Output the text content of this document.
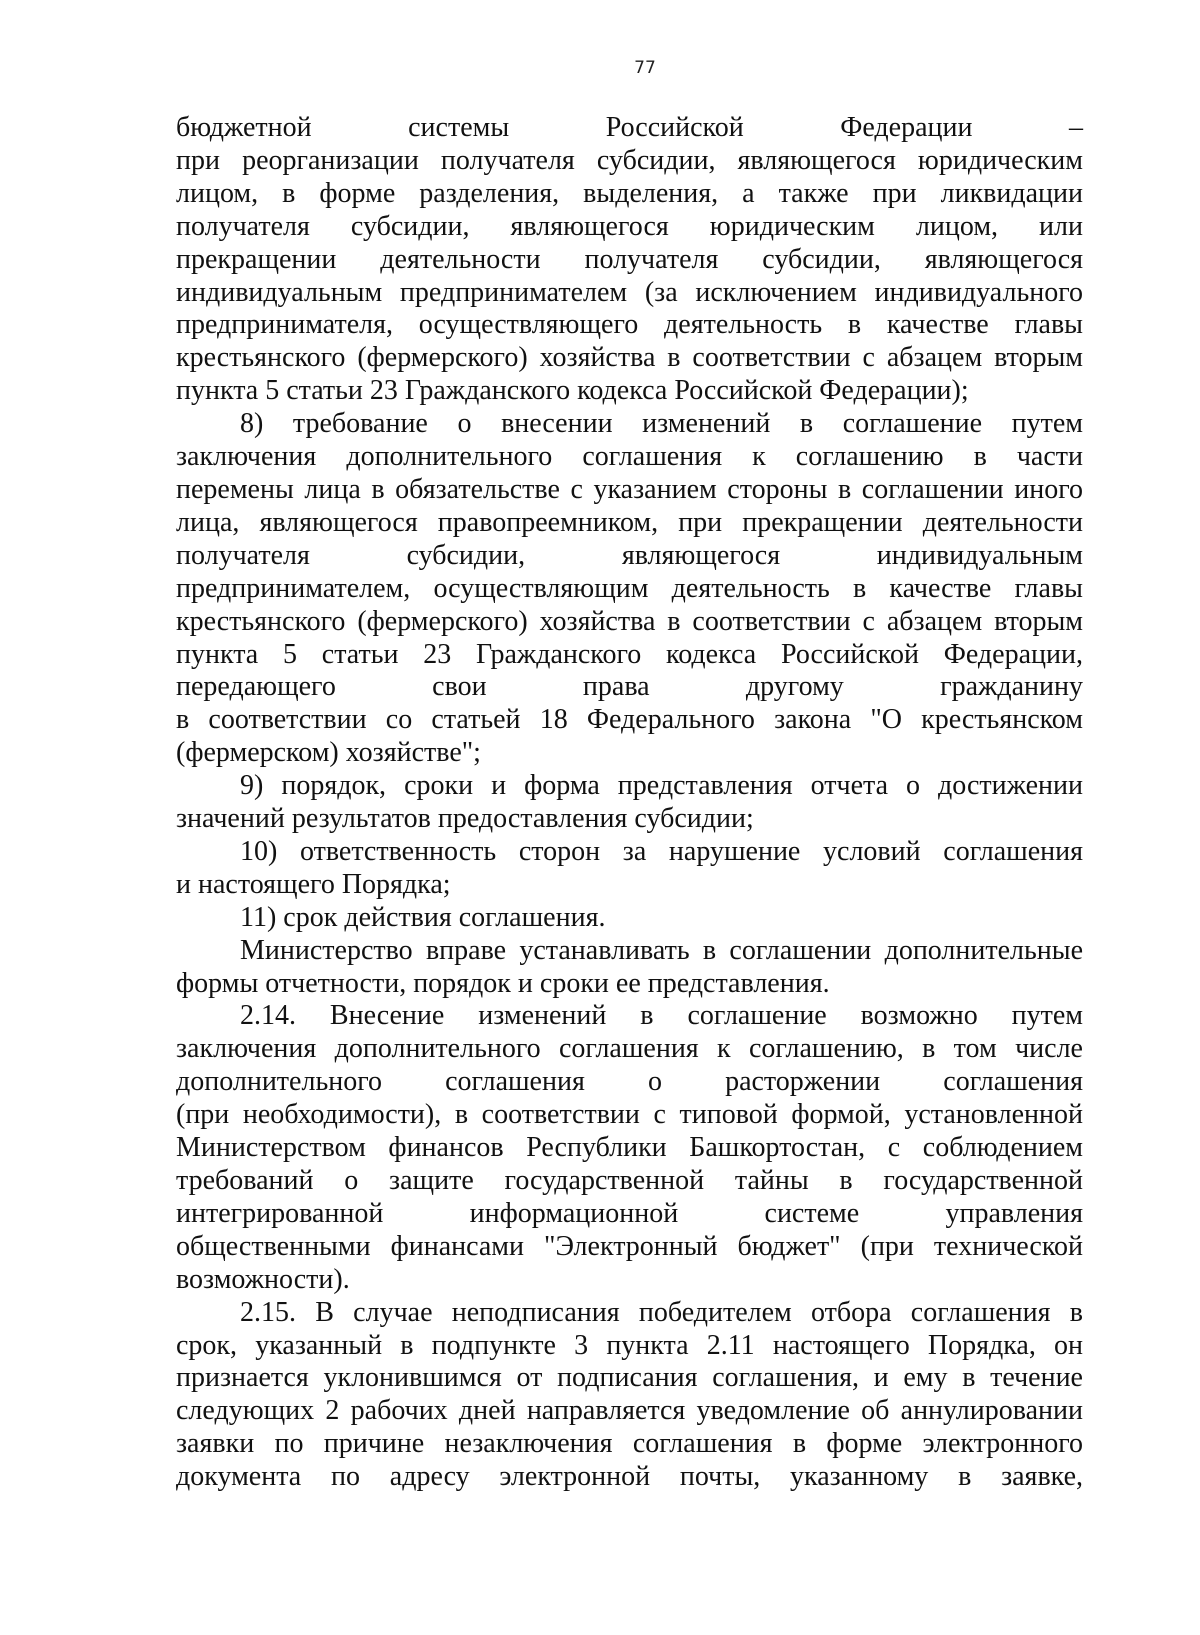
77

бюджетной системы Российской Федерации –

при реорганизации получателя субсидии, являющегося юридическим

лицом, в форме разделения, выделения, а также при ликвидации

получателя субсидии, являющегося юридическим лицом, или

прекращении деятельности получателя субсидии, являющегося

индивидуальным предпринимателем (за исключением индивидуального

предпринимателя, осуществляющего деятельность в качестве главы

крестьянского (фермерского) хозяйства в соответствии с абзацем вторым

пункта 5 статьи 23 Гражданского кодекса Российской Федерации);

8) требование о внесении изменений в соглашение путем

заключения дополнительного соглашения к соглашению в части

перемены лица в обязательстве с указанием стороны в соглашении иного

лица, являющегося правопреемником, при прекращении деятельности

получателя субсидии, являющегося индивидуальным

предпринимателем, осуществляющим деятельность в качестве главы

крестьянского (фермерского) хозяйства в соответствии с абзацем вторым

пункта 5 статьи 23 Гражданского кодекса Российской Федерации,

передающего свои права другому гражданину

в соответствии со статьей 18 Федерального закона "О крестьянском

(фермерском) хозяйстве";

9) порядок, сроки и форма представления отчета о достижении

значений результатов предоставления субсидии;

10) ответственность сторон за нарушение условий соглашения

и настоящего Порядка;

11) срок действия соглашения.

Министерство вправе устанавливать в соглашении дополнительные

формы отчетности, порядок и сроки ее представления.

2.14. Внесение изменений в соглашение возможно путем

заключения дополнительного соглашения к соглашению, в том числе

дополнительного соглашения о расторжении соглашения

(при необходимости), в соответствии с типовой формой, установленной

Министерством финансов Республики Башкортостан, с соблюдением

требований о защите государственной тайны в государственной

интегрированной информационной системе управления

общественными финансами "Электронный бюджет" (при технической

возможности).

2.15. В случае неподписания победителем отбора соглашения в

срок, указанный в подпункте 3 пункта 2.11 настоящего Порядка, он

признается уклонившимся от подписания соглашения, и ему в течение

следующих 2 рабочих дней направляется уведомление об аннулировании

заявки по причине незаключения соглашения в форме электронного

документа по адресу электронной почты, указанному в заявке,
